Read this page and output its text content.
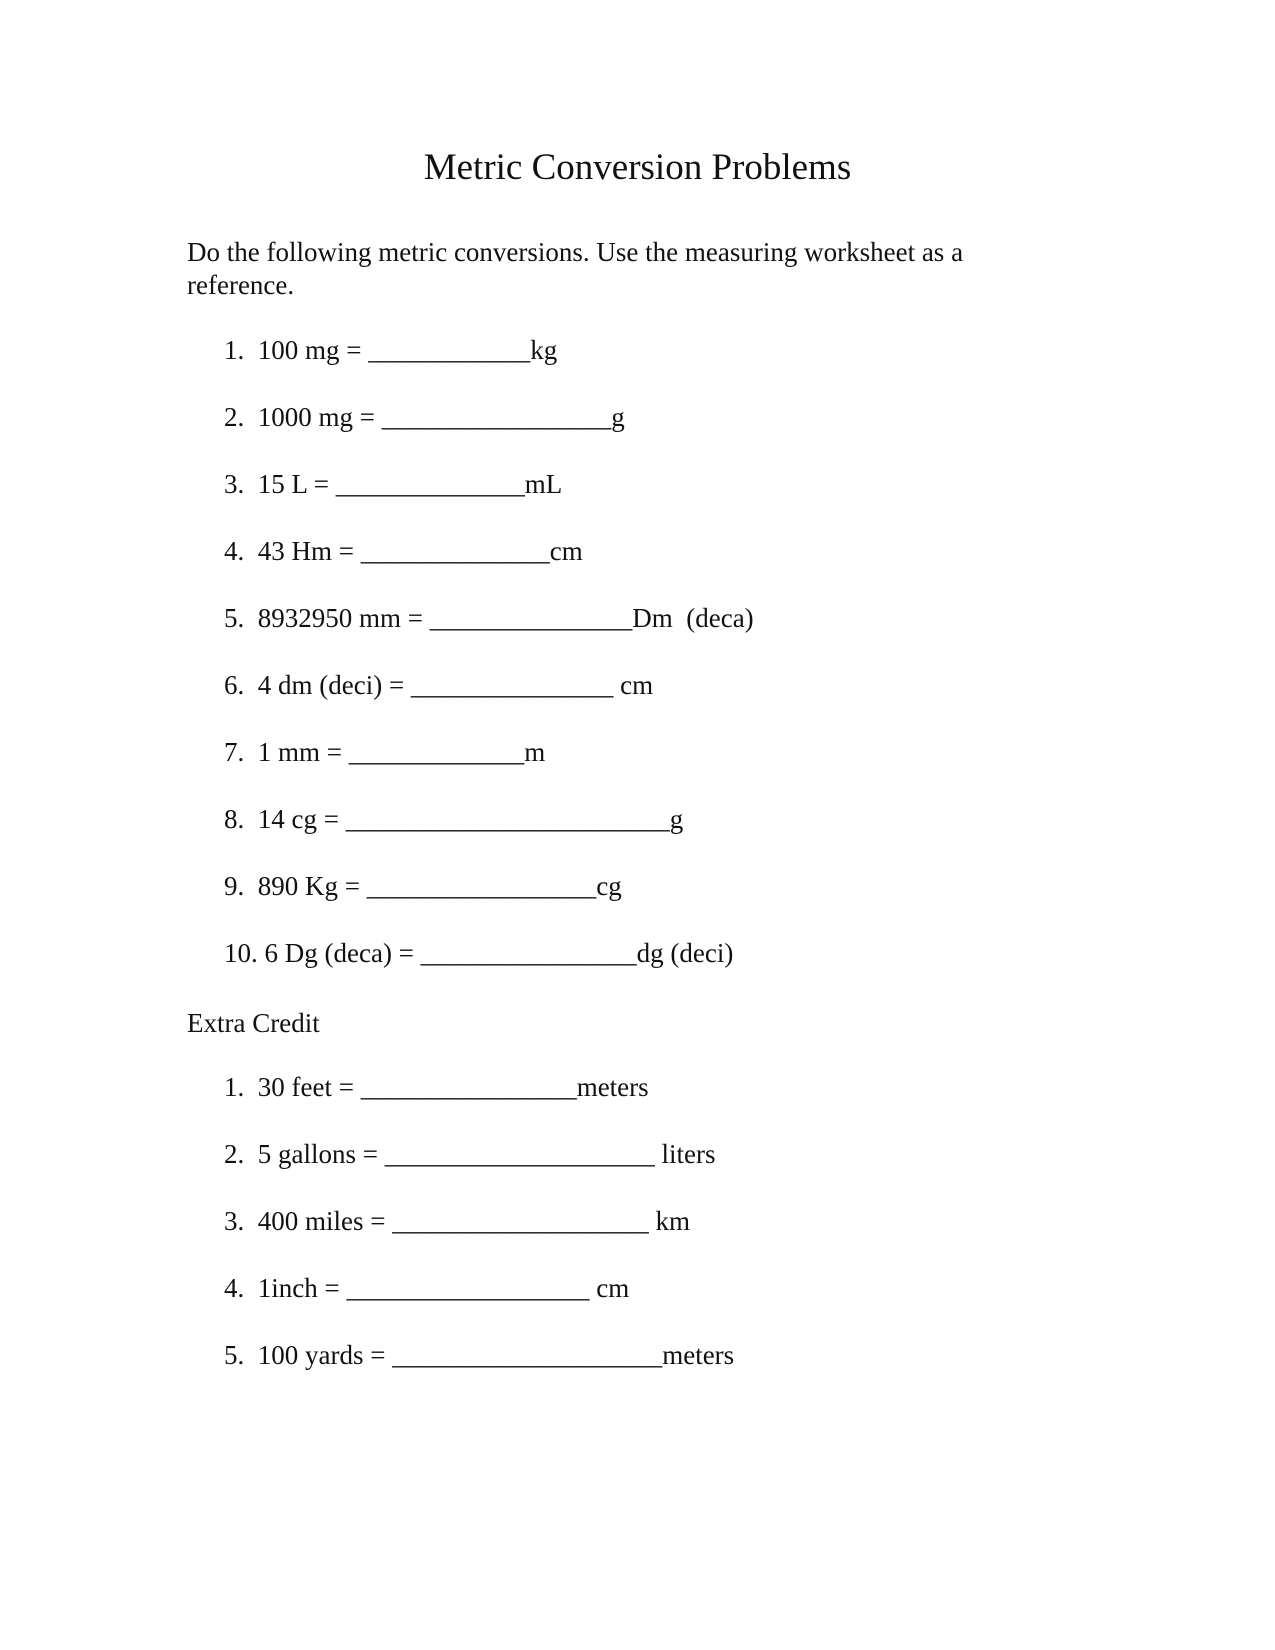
Metric Conversion Problems

Do the following metric conversions. Use the measuring worksheet as a reference.

1.  100 mg = ____________kg
2.  1000 mg = _________________g
3.  15 L = ______________mL
4.  43 Hm = ______________cm
5.  8932950 mm = _______________Dm  (deca)
6.  4 dm (deci) = _______________ cm
7.  1 mm = _____________m
8.  14 cg = ________________________g
9.  890 Kg = _________________cg
10. 6 Dg (deca) = ________________dg (deci)
Extra Credit
1.  30 feet = ________________meters
2.  5 gallons = ____________________ liters
3.  400 miles = ___________________ km
4.  1inch = __________________ cm
5.  100 yards = ____________________meters
